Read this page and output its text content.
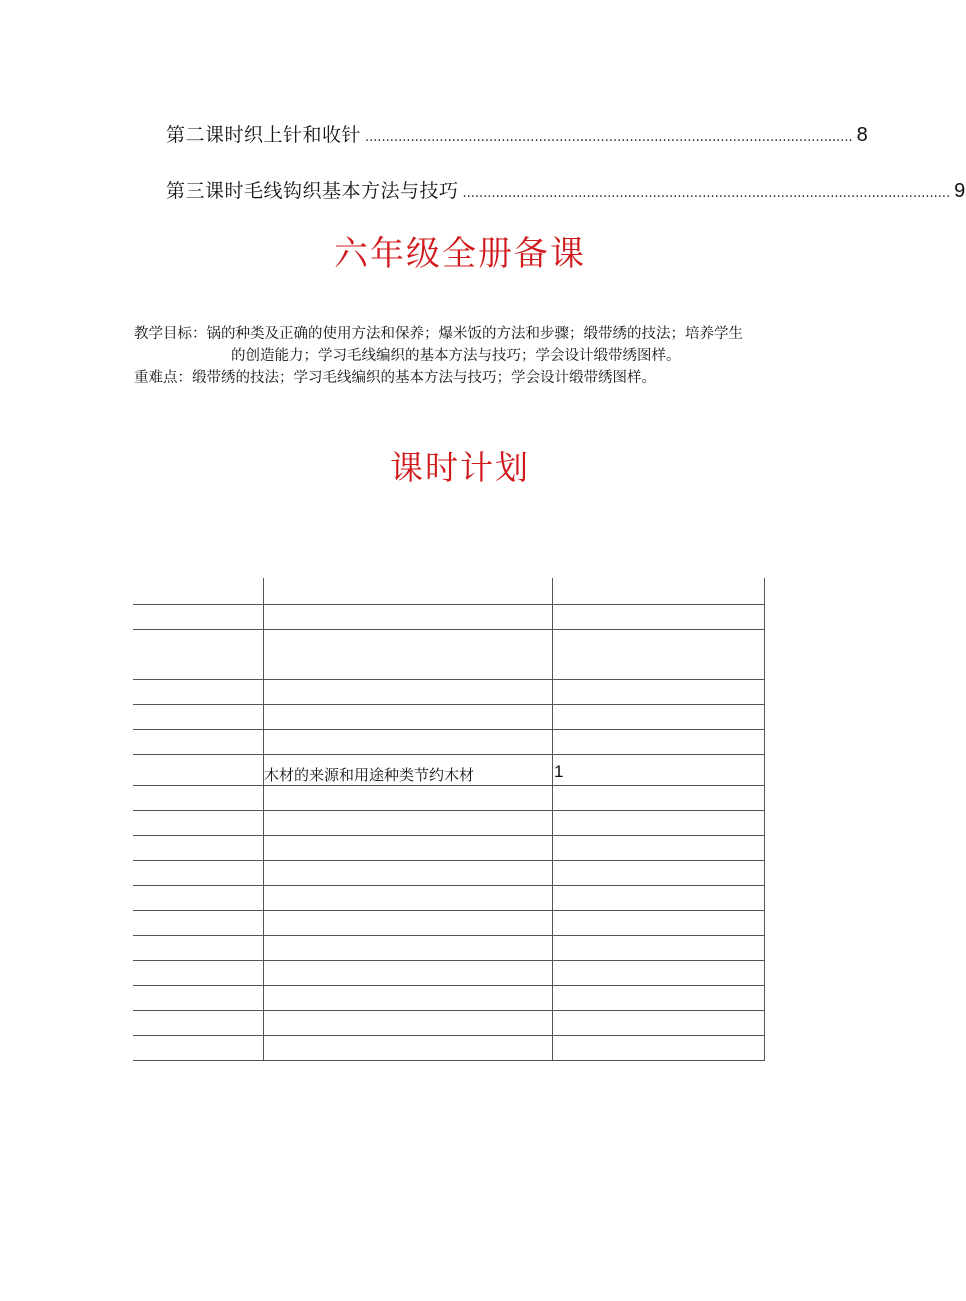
第二课时织上针和收针 ...................................................................................................................... 8
第三课时毛线钩织基本方法与技巧 ...................................................................................................................... 9
六年级全册备课
教学目标：锅的种类及正确的使用方法和保养；爆米饭的方法和步骤；缎带绣的技法；培养学生
的创造能力；学习毛线编织的基本方法与技巧；学会设计缎带绣图样。
重难点：缎带绣的技法；学习毛线编织的基本方法与技巧；学会设计缎带绣图样。
课时计划

	木材的来源和用途种类节约木材	1
